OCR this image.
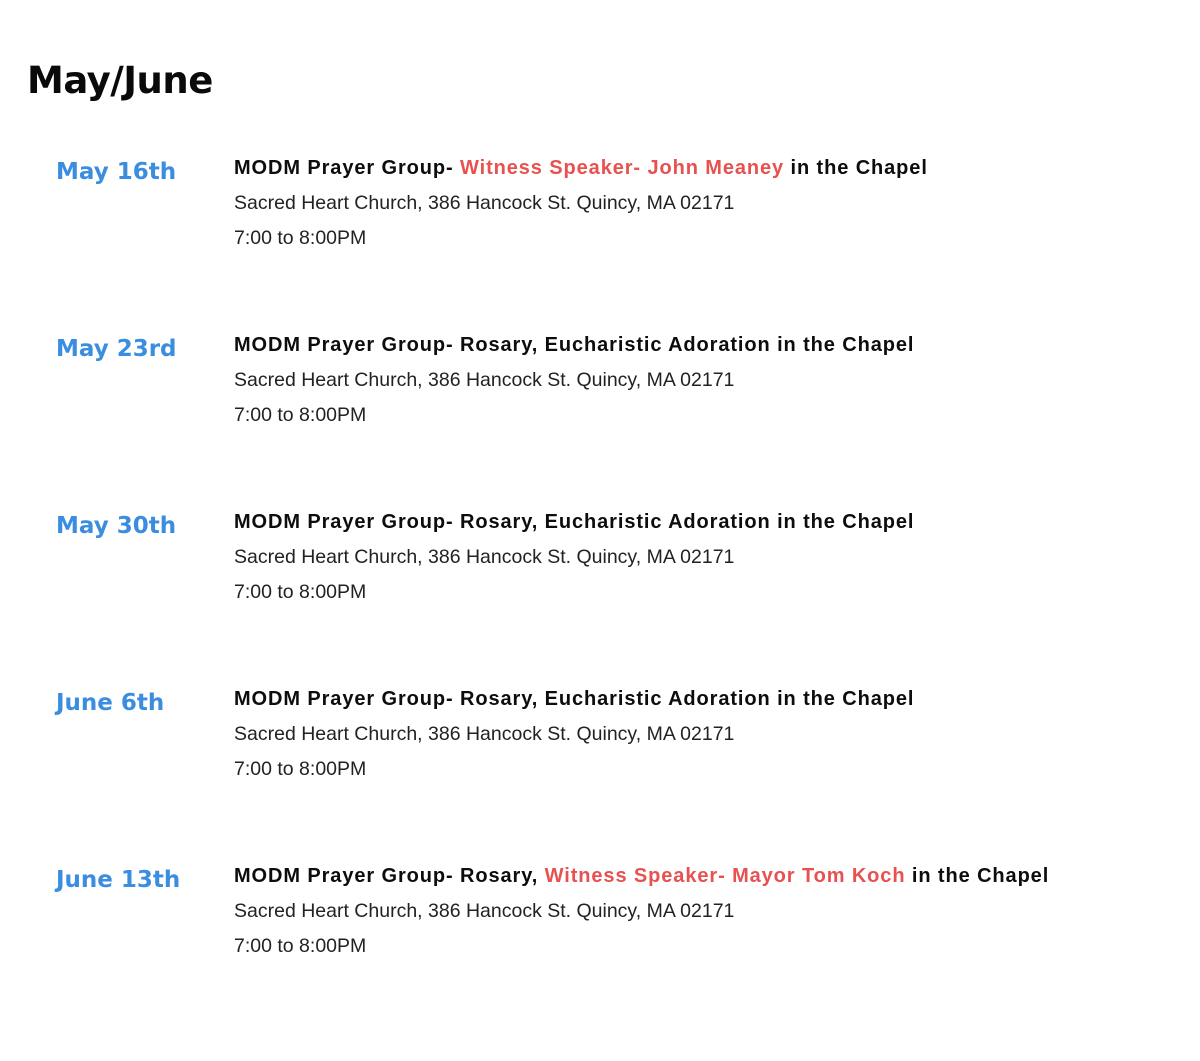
May/June
May 16th	MODM Prayer Group- Witness Speaker- John Meaney in the Chapel
Sacred Heart Church, 386 Hancock St. Quincy, MA 02171
7:00 to 8:00PM
May 23rd	MODM Prayer Group- Rosary, Eucharistic Adoration in the Chapel
Sacred Heart Church, 386 Hancock St. Quincy, MA 02171
7:00 to 8:00PM
May 30th	MODM Prayer Group- Rosary, Eucharistic Adoration in the Chapel
Sacred Heart Church, 386 Hancock St. Quincy, MA 02171
7:00 to 8:00PM
June 6th	MODM Prayer Group- Rosary, Eucharistic Adoration in the Chapel
Sacred Heart Church, 386 Hancock St. Quincy, MA 02171
7:00 to 8:00PM
June 13th	MODM Prayer Group- Rosary, Witness Speaker- Mayor Tom Koch in the Chapel
Sacred Heart Church, 386 Hancock St. Quincy, MA 02171
7:00 to 8:00PM
